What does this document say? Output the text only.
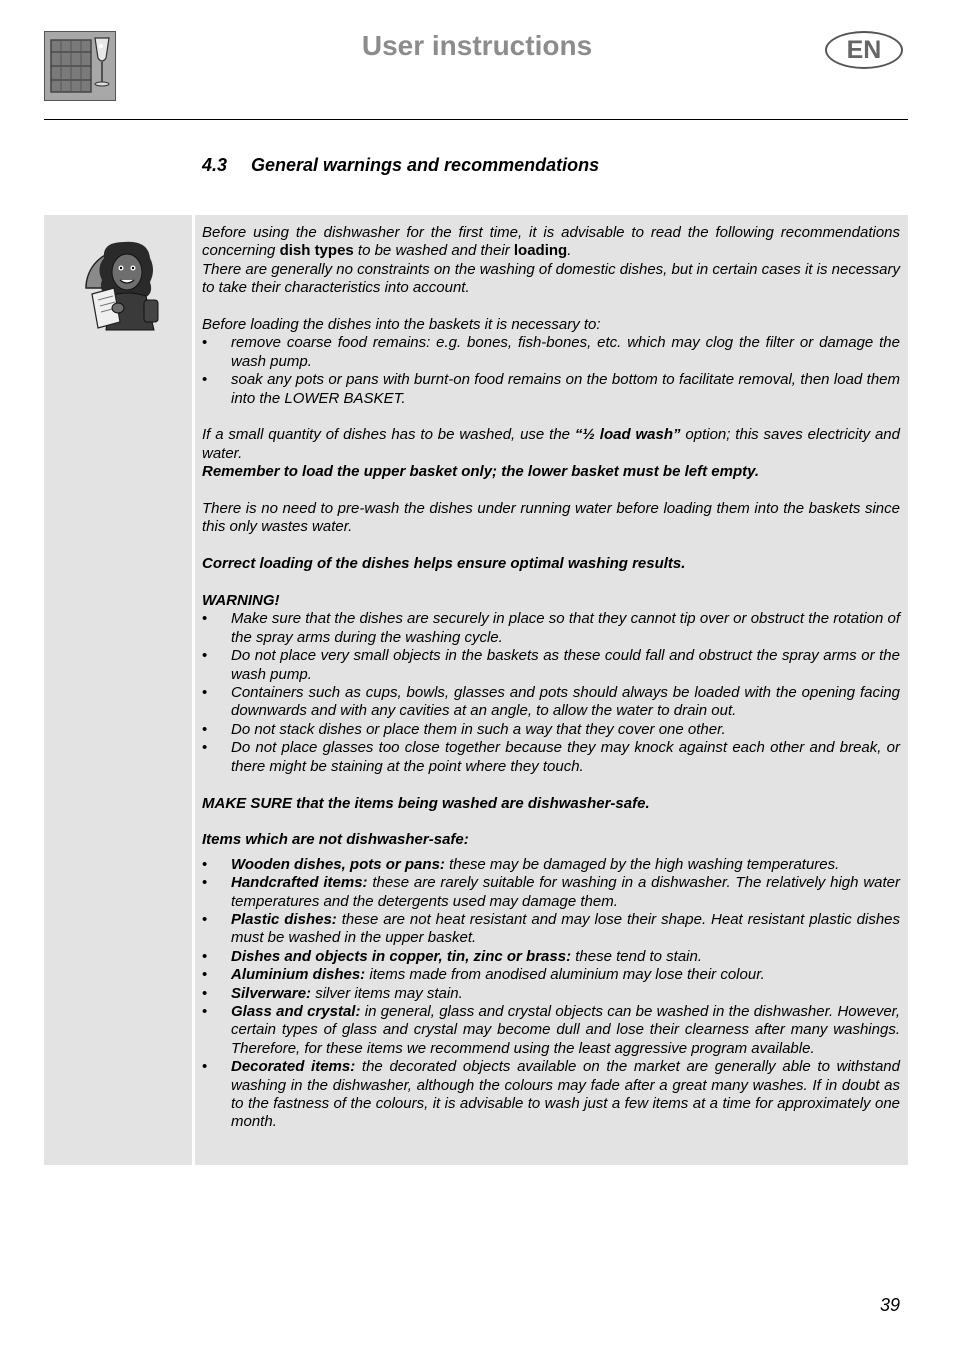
User instructions	EN
4.3 General warnings and recommendations

Before using the dishwasher for the first time, it is advisable to read the following recommendations concerning dish types to be washed and their loading.

There are generally no constraints on the washing of domestic dishes, but in certain cases it is necessary to take their characteristics into account.

Before loading the dishes into the baskets it is necessary to:

• remove coarse food remains: e.g. bones, fish-bones, etc. which may clog the filter or damage the wash pump.
• soak any pots or pans with burnt-on food remains on the bottom to facilitate removal, then load them into the LOWER BASKET.

If a small quantity of dishes has to be washed, use the “½ load wash” option; this saves electricity and water.

Remember to load the upper basket only; the lower basket must be left empty.

There is no need to pre-wash the dishes under running water before loading them into the baskets since this only wastes water.

Correct loading of the dishes helps ensure optimal washing results.

WARNING!

• Make sure that the dishes are securely in place so that they cannot tip over or obstruct the rotation of the spray arms during the washing cycle.
• Do not place very small objects in the baskets as these could fall and obstruct the spray arms or the wash pump.
• Containers such as cups, bowls, glasses and pots should always be loaded with the opening facing downwards and with any cavities at an angle, to allow the water to drain out.
• Do not stack dishes or place them in such a way that they cover one other.
• Do not place glasses too close together because they may knock against each other and break, or there might be staining at the point where they touch.

MAKE SURE that the items being washed are dishwasher-safe.

Items which are not dishwasher-safe:

• Wooden dishes, pots or pans: these may be damaged by the high washing temperatures.
• Handcrafted items: these are rarely suitable for washing in a dishwasher. The relatively high water temperatures and the detergents used may damage them.
• Plastic dishes: these are not heat resistant and may lose their shape. Heat resistant plastic dishes must be washed in the upper basket.
• Dishes and objects in copper, tin, zinc or brass: these tend to stain.
• Aluminium dishes: items made from anodised aluminium may lose their colour.
• Silverware: silver items may stain.
• Glass and crystal: in general, glass and crystal objects can be washed in the dishwasher. However, certain types of glass and crystal may become dull and lose their clearness after many washings. Therefore, for these items we recommend using the least aggressive program available.
• Decorated items: the decorated objects available on the market are generally able to withstand washing in the dishwasher, although the colours may fade after a great many washes. If in doubt as to the fastness of the colours, it is advisable to wash just a few items at a time for approximately one month.
39
